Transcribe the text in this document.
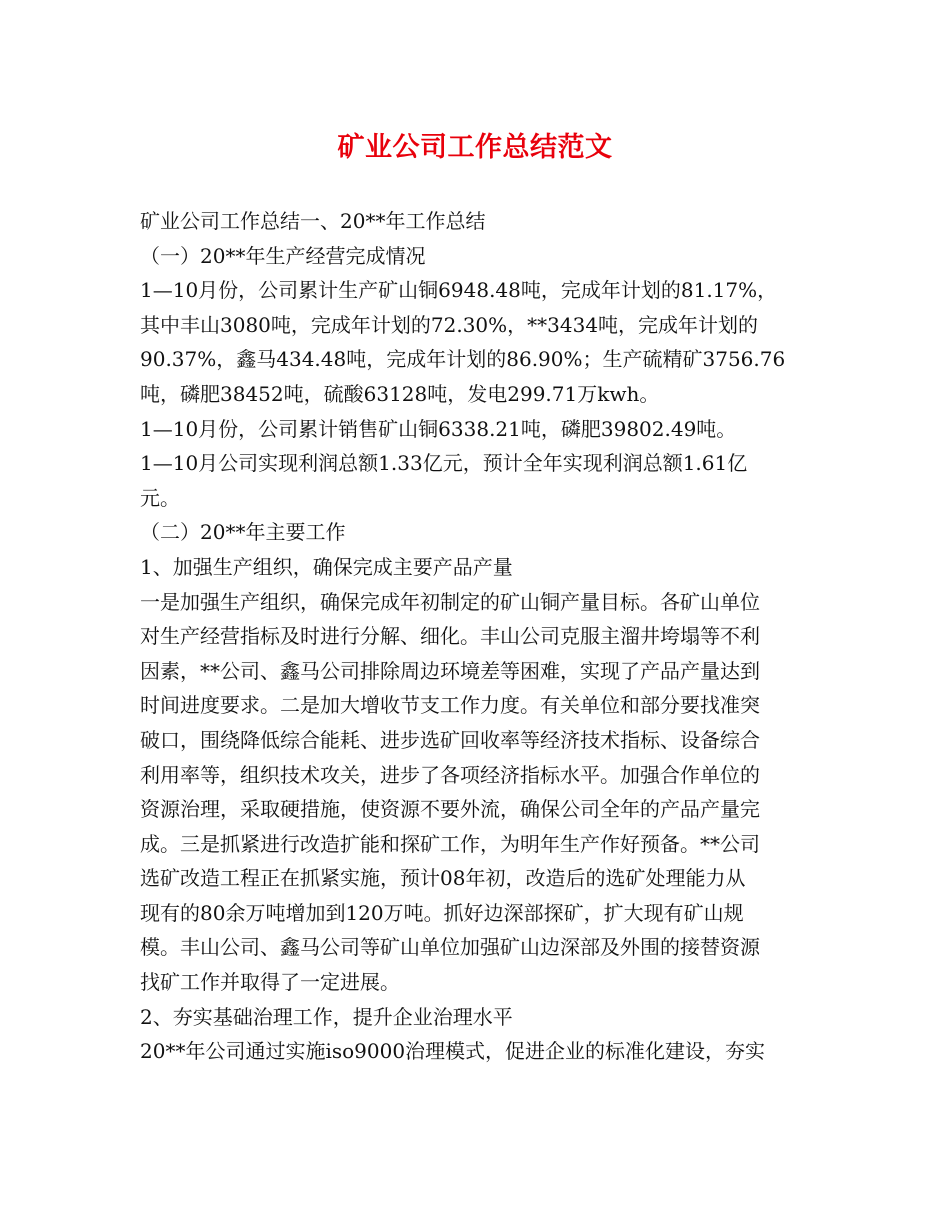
矿业公司工作总结范文
矿业公司工作总结一、20**年工作总结
（一）20**年生产经营完成情况
1—10月份，公司累计生产矿山铜6948.48吨，完成年计划的81.17%，
其中丰山3080吨，完成年计划的72.30%，**3434吨，完成年计划的
90.37%，鑫马434.48吨，完成年计划的86.90%；生产硫精矿3756.76
吨，磷肥38452吨，硫酸63128吨，发电299.71万kwh。
1—10月份，公司累计销售矿山铜6338.21吨，磷肥39802.49吨。
1—10月公司实现利润总额1.33亿元，预计全年实现利润总额1.61亿
元。
（二）20**年主要工作
1、加强生产组织，确保完成主要产品产量
一是加强生产组织，确保完成年初制定的矿山铜产量目标。各矿山单位
对生产经营指标及时进行分解、细化。丰山公司克服主溜井垮塌等不利
因素，**公司、鑫马公司排除周边环境差等困难，实现了产品产量达到
时间进度要求。二是加大增收节支工作力度。有关单位和部分要找准突
破口，围绕降低综合能耗、进步选矿回收率等经济技术指标、设备综合
利用率等，组织技术攻关，进步了各项经济指标水平。加强合作单位的
资源治理，采取硬措施，使资源不要外流，确保公司全年的产品产量完
成。三是抓紧进行改造扩能和探矿工作，为明年生产作好预备。**公司
选矿改造工程正在抓紧实施，预计08年初，改造后的选矿处理能力从
现有的80余万吨增加到120万吨。抓好边深部探矿，扩大现有矿山规
模。丰山公司、鑫马公司等矿山单位加强矿山边深部及外围的接替资源
找矿工作并取得了一定进展。
2、夯实基础治理工作，提升企业治理水平
20**年公司通过实施iso9000治理模式，促进企业的标准化建设，夯实
